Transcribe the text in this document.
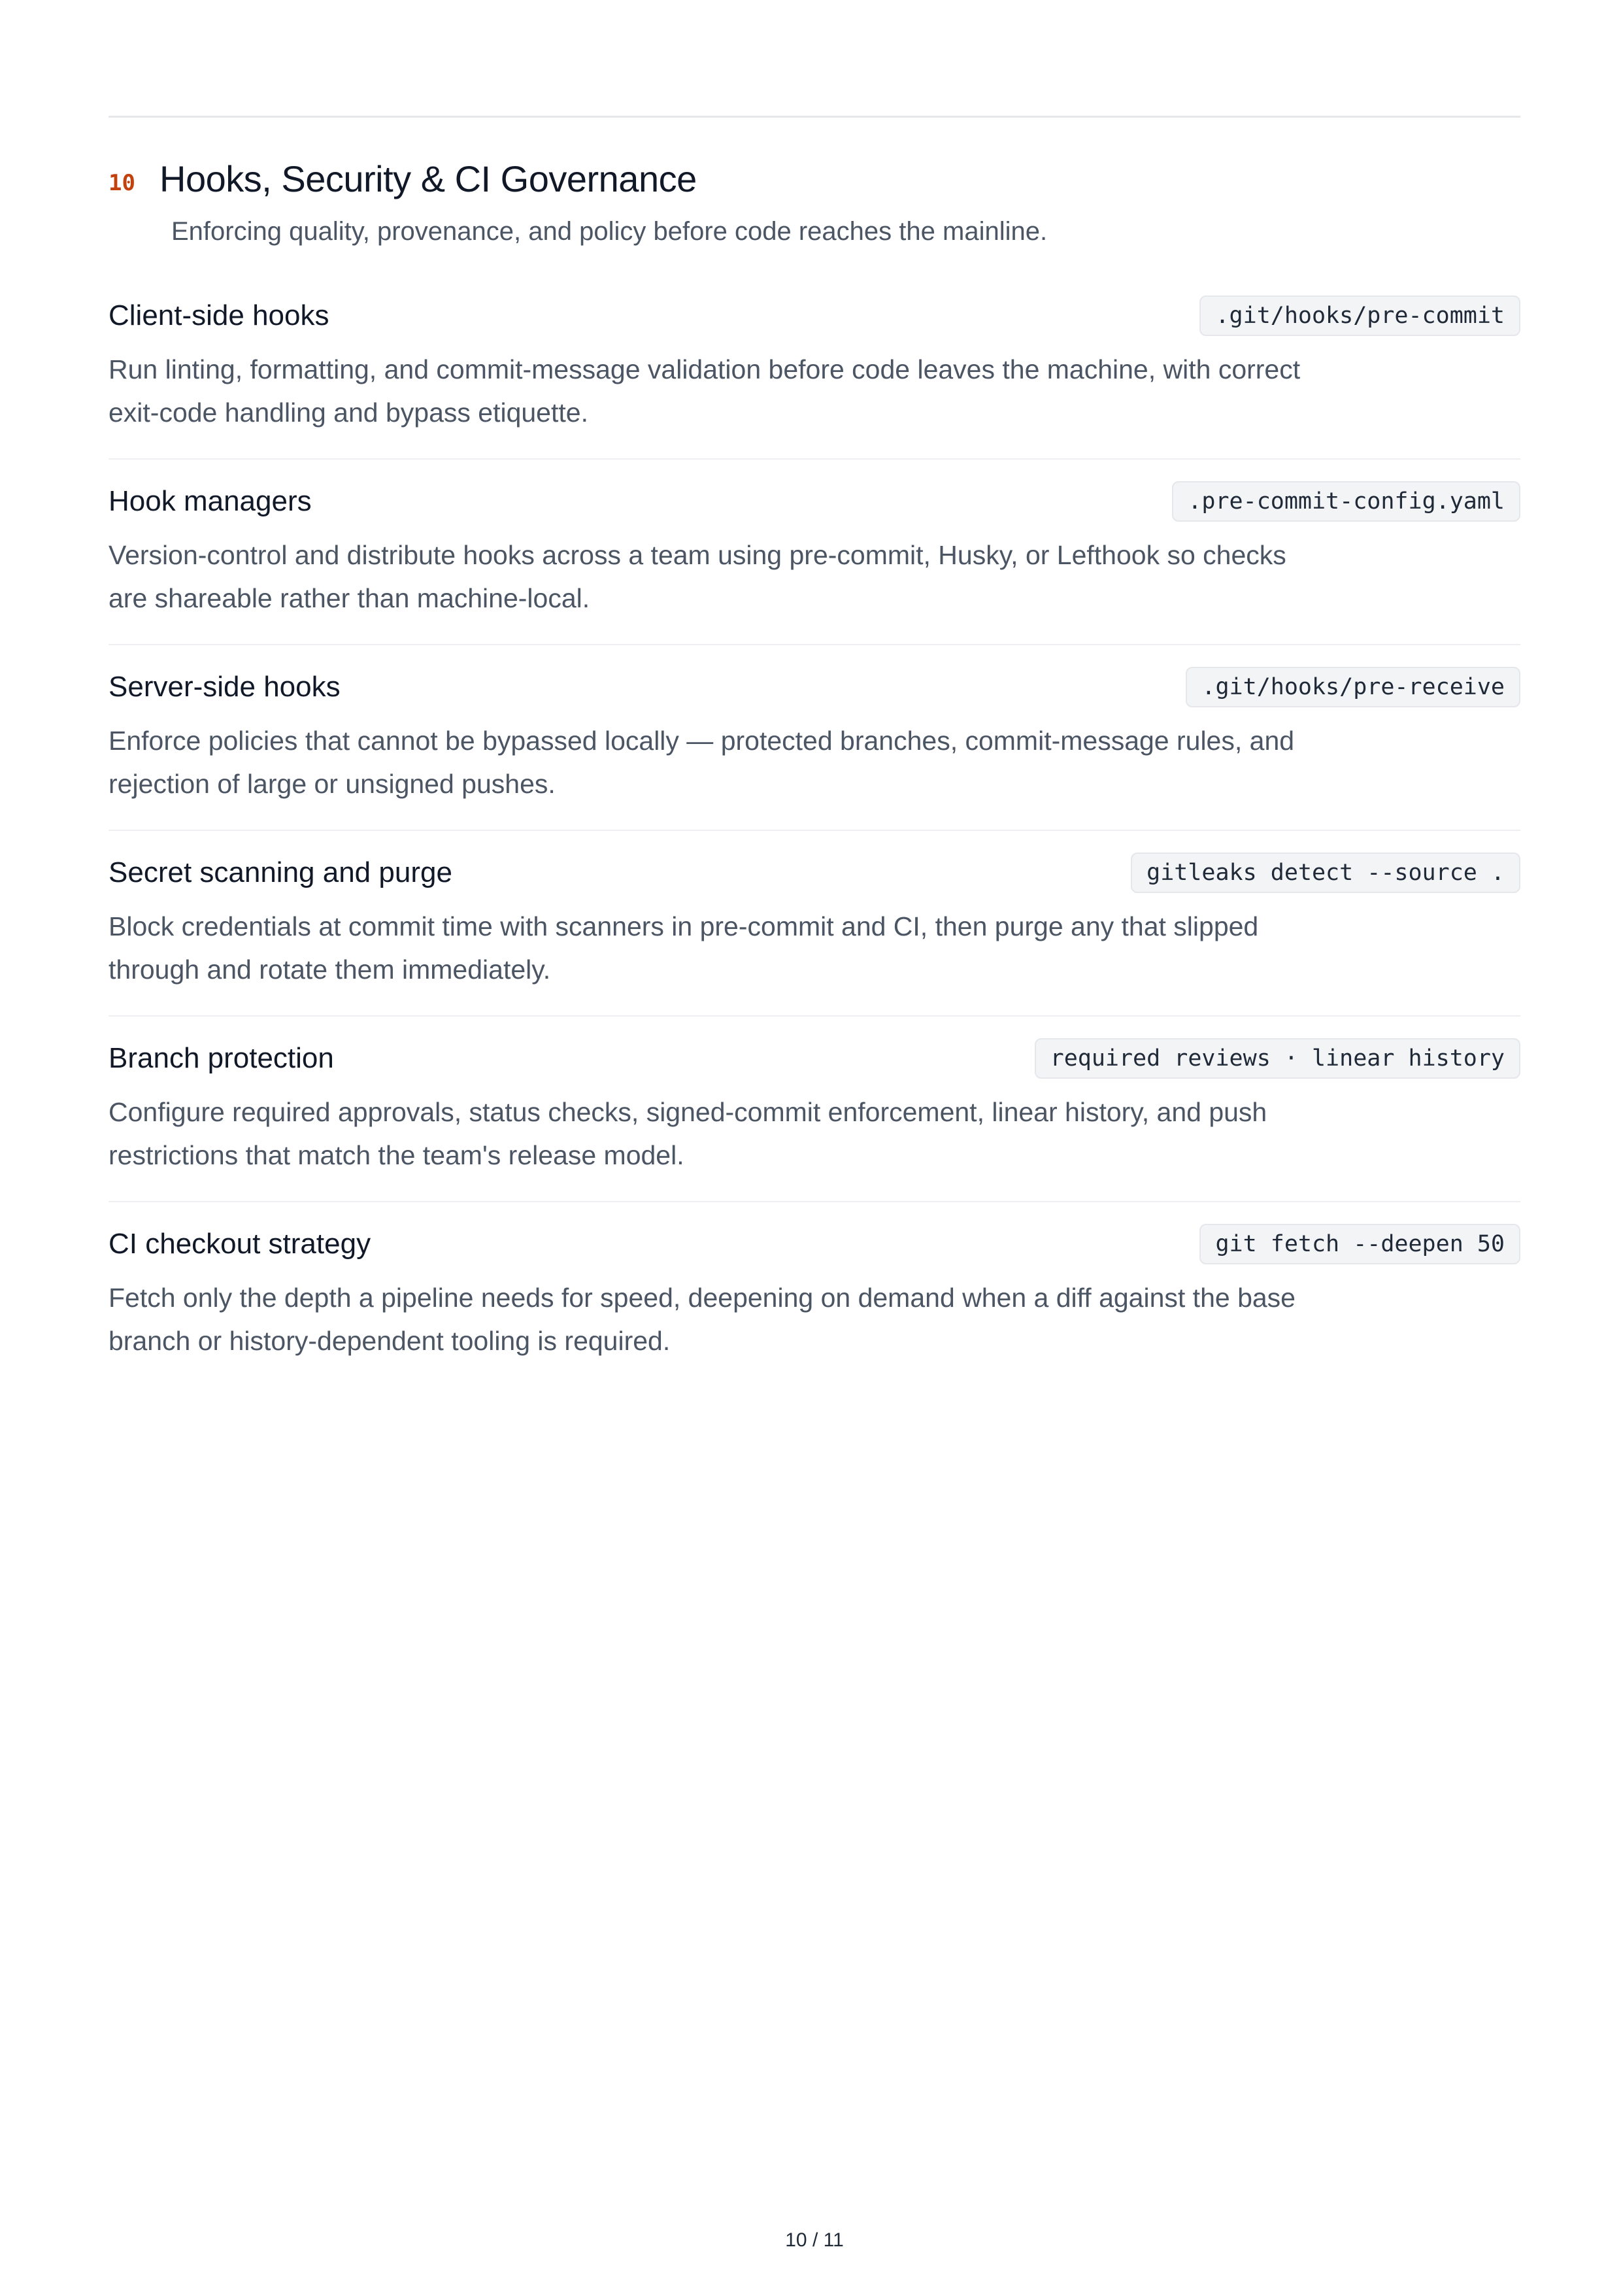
10 Hooks, Security & CI Governance

Enforcing quality, provenance, and policy before code reaches the mainline.

Client-side hooks	.git/hooks/pre-commit

Run linting, formatting, and commit-message validation before code leaves the machine, with correct exit-code handling and bypass etiquette.

Hook managers	.pre-commit-config.yaml

Version-control and distribute hooks across a team using pre-commit, Husky, or Lefthook so checks are shareable rather than machine-local.

Server-side hooks	.git/hooks/pre-receive

Enforce policies that cannot be bypassed locally — protected branches, commit-message rules, and rejection of large or unsigned pushes.

Secret scanning and purge	gitleaks detect --source .

Block credentials at commit time with scanners in pre-commit and CI, then purge any that slipped through and rotate them immediately.

Branch protection	required reviews · linear history

Configure required approvals, status checks, signed-commit enforcement, linear history, and push restrictions that match the team's release model.

CI checkout strategy	git fetch --deepen 50

Fetch only the depth a pipeline needs for speed, deepening on demand when a diff against the base branch or history-dependent tooling is required.

10 / 11
